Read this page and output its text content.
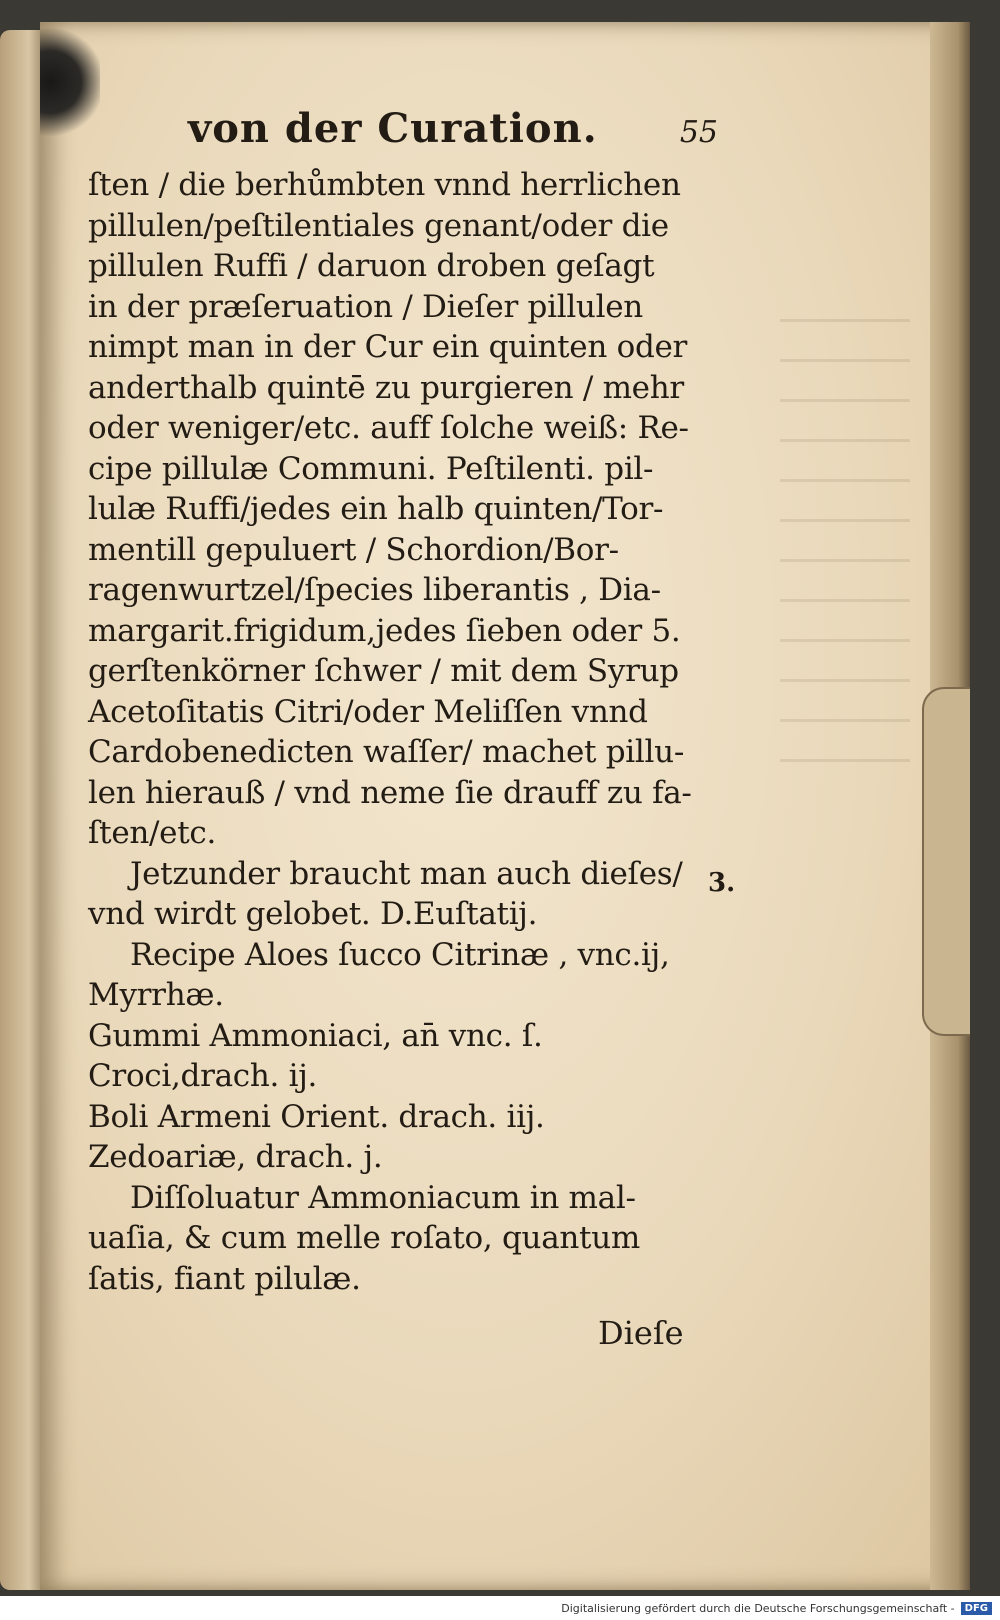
von der Curation.	55
ſten / die berhůmbten vnnd herrlichen
pillulen/peſtilentiales genant/oder die
pillulen Ruffi / daruon droben geſagt
in der præſeruation / Dieſer pillulen
nimpt man in der Cur ein quinten oder
anderthalb quintē zu purgieren / mehr
oder weniger/etc. auff ſolche weiß: Re-
cipe pillulæ Communi. Peſtilenti. pil-
lulæ Ruffi/jedes ein halb quinten/Tor-
mentill gepuluert / Schordion/Bor-
ragenwurtzel/ſpecies liberantis , Dia-
margarit.frigidum,jedes ſieben oder 5.
gerſtenkörner ſchwer / mit dem Syrup
Acetoſitatis Citri/oder Meliſſen vnnd
Cardobenedicten waſſer/ machet pillu-
len hierauß / vnd neme ſie drauff zu fa-
ſten/etc.
Jetzunder braucht man auch dieſes/
vnd wirdt gelobet. D.Euſtatij.
Recipe Aloes ſucco Citrinæ , vnc.ij,
Myrrhæ.
Gummi Ammoniaci, an̄ vnc. ſ.
Croci,drach. ij.
Boli Armeni Orient. drach. iij.
Zedoariæ, drach. j.
Diſſoluatur Ammoniacum in mal-
uaſia, & cum melle roſato, quantum
ſatis, fiant pilulæ.
3.
Dieſe
Digitalisierung gefördert durch die Deutsche Forschungsgemeinschaft -	DFG
